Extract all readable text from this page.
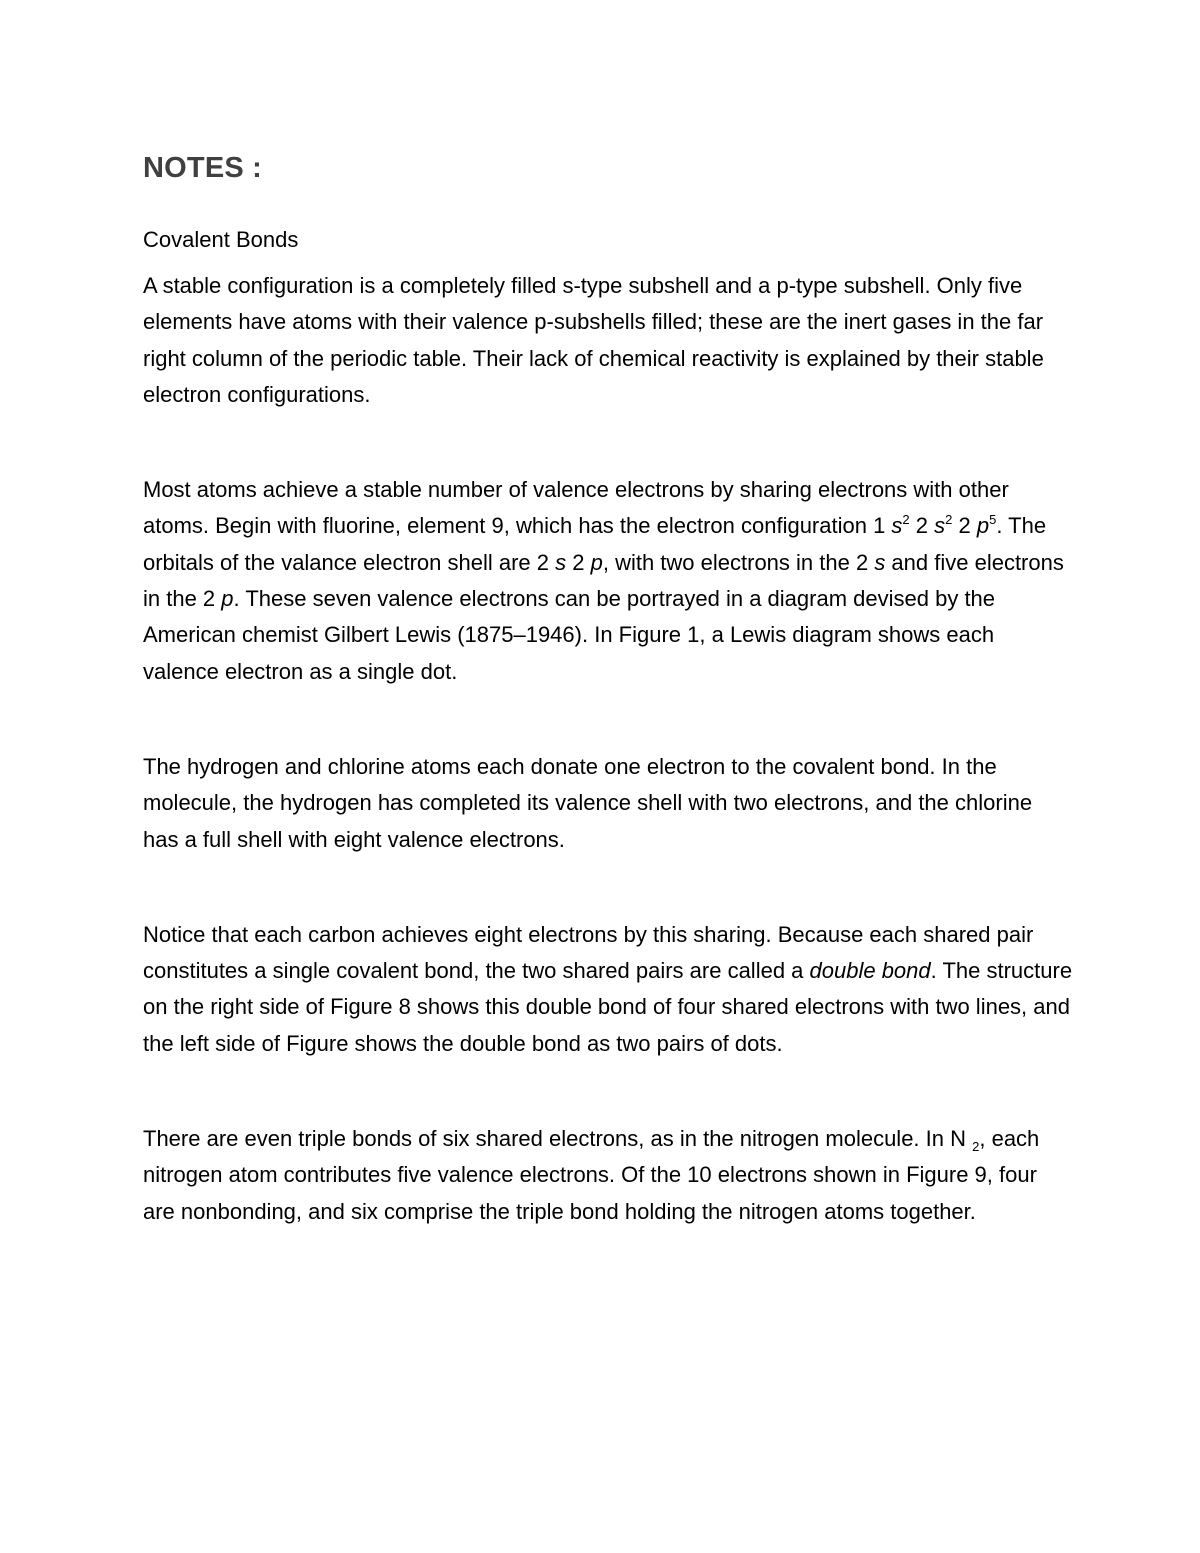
NOTES :
Covalent Bonds

A stable configuration is a completely filled s-type subshell and a p-type subshell. Only five elements have atoms with their valence p-subshells filled; these are the inert gases in the far right column of the periodic table. Their lack of chemical reactivity is explained by their stable electron configurations.

Most atoms achieve a stable number of valence electrons by sharing electrons with other atoms. Begin with fluorine, element 9, which has the electron configuration 1 $s^2$ 2 $s^2$ 2 $p^5$. The orbitals of the valance electron shell are 2 s 2 p, with two electrons in the 2 s and five electrons in the 2 p. These seven valence electrons can be portrayed in a diagram devised by the American chemist Gilbert Lewis (1875–1946). In Figure 1, a Lewis diagram shows each valence electron as a single dot.

The hydrogen and chlorine atoms each donate one electron to the covalent bond. In the molecule, the hydrogen has completed its valence shell with two electrons, and the chlorine has a full shell with eight valence electrons.

Notice that each carbon achieves eight electrons by this sharing. Because each shared pair constitutes a single covalent bond, the two shared pairs are called a double bond. The structure on the right side of Figure 8 shows this double bond of four shared electrons with two lines, and the left side of Figure shows the double bond as two pairs of dots.

There are even triple bonds of six shared electrons, as in the nitrogen molecule. In N $_2$, each nitrogen atom contributes five valence electrons. Of the 10 electrons shown in Figure 9, four are nonbonding, and six comprise the triple bond holding the nitrogen atoms together.
